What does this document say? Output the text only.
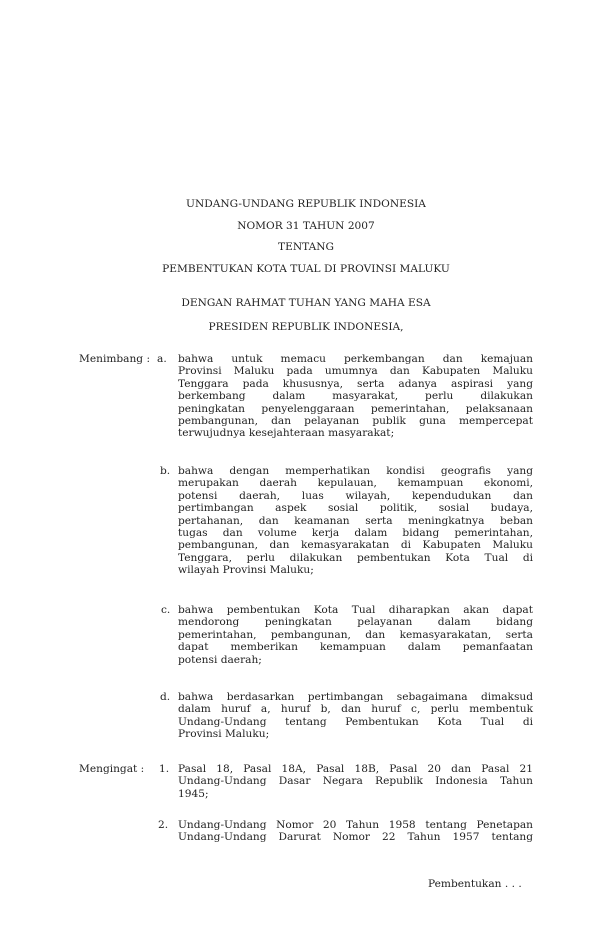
UNDANG-UNDANG REPUBLIK INDONESIA
NOMOR 31 TAHUN 2007
TENTANG
PEMBENTUKAN KOTA TUAL DI PROVINSI MALUKU
DENGAN RAHMAT TUHAN YANG MAHA ESA
PRESIDEN REPUBLIK INDONESIA,
Menimbang : a. bahwa untuk memacu perkembangan dan kemajuan
Provinsi Maluku pada umumnya dan Kabupaten Maluku
Tenggara pada khususnya, serta adanya aspirasi yang
berkembang dalam masyarakat, perlu dilakukan
peningkatan penyelenggaraan pemerintahan, pelaksanaan
pembangunan, dan pelayanan publik guna mempercepat
terwujudnya kesejahteraan masyarakat;
b. bahwa dengan memperhatikan kondisi geografis yang
merupakan daerah kepulauan, kemampuan ekonomi,
potensi daerah, luas wilayah, kependudukan dan
pertimbangan aspek sosial politik, sosial budaya,
pertahanan, dan keamanan serta meningkatnya beban
tugas dan volume kerja dalam bidang pemerintahan,
pembangunan, dan kemasyarakatan di Kabupaten Maluku
Tenggara, perlu dilakukan pembentukan Kota Tual di
wilayah Provinsi Maluku;
c. bahwa pembentukan Kota Tual diharapkan akan dapat
mendorong peningkatan pelayanan dalam bidang
pemerintahan, pembangunan, dan kemasyarakatan, serta
dapat memberikan kemampuan dalam pemanfaatan
potensi daerah;
d. bahwa berdasarkan pertimbangan sebagaimana dimaksud
dalam huruf a, huruf b, dan huruf c, perlu membentuk
Undang-Undang tentang Pembentukan Kota Tual di
Provinsi Maluku;
Mengingat : 1. Pasal 18, Pasal 18A, Pasal 18B, Pasal 20 dan Pasal 21
Undang-Undang Dasar Negara Republik Indonesia Tahun
1945;
2. Undang-Undang Nomor 20 Tahun 1958 tentang Penetapan
Undang-Undang Darurat Nomor 22 Tahun 1957 tentang
Pembentukan . . .
